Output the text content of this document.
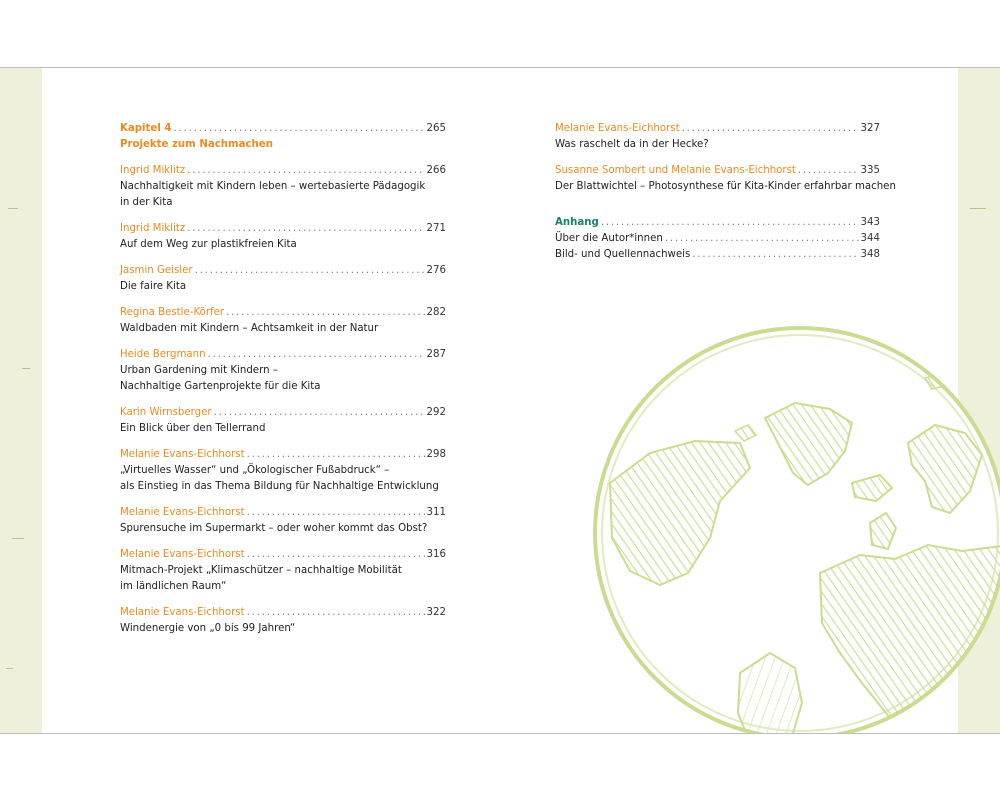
Kapitel 4 .....	265
Projekte zum Nachmachen
Ingrid Miklitz .....	266
Nachhaltigkeit mit Kindern leben – wertebasierte Pädagogik
in der Kita
Ingrid Miklitz .....	271
Auf dem Weg zur plastikfreien Kita
Jasmin Geisler .....	276
Die faire Kita
Regina Bestle-Körfer .....	282
Waldbaden mit Kindern – Achtsamkeit in der Natur
Heide Bergmann .....	287
Urban Gardening mit Kindern –
Nachhaltige Gartenprojekte für die Kita
Karin Wirnsberger .....	292
Ein Blick über den Tellerrand
Melanie Evans-Eichhorst .....	298
„Virtuelles Wasser“ und „Ökologischer Fußabdruck“ –
als Einstieg in das Thema Bildung für Nachhaltige Entwicklung
Melanie Evans-Eichhorst .....	311
Spurensuche im Supermarkt – oder woher kommt das Obst?
Melanie Evans-Eichhorst .....	316
Mitmach-Projekt „Klimaschützer – nachhaltige Mobilität
im ländlichen Raum“
Melanie Evans-Eichhorst .....	322
Windenergie von „0 bis 99 Jahren“
Melanie Evans-Eichhorst .....	327
Was raschelt da in der Hecke?
Susanne Sombert und Melanie Evans-Eichhorst .....	335
Der Blattwichtel – Photosynthese für Kita-Kinder erfahrbar machen
Anhang .....	343
Über die Autor*innen .....	344
Bild- und Quellennachweis .....	348
